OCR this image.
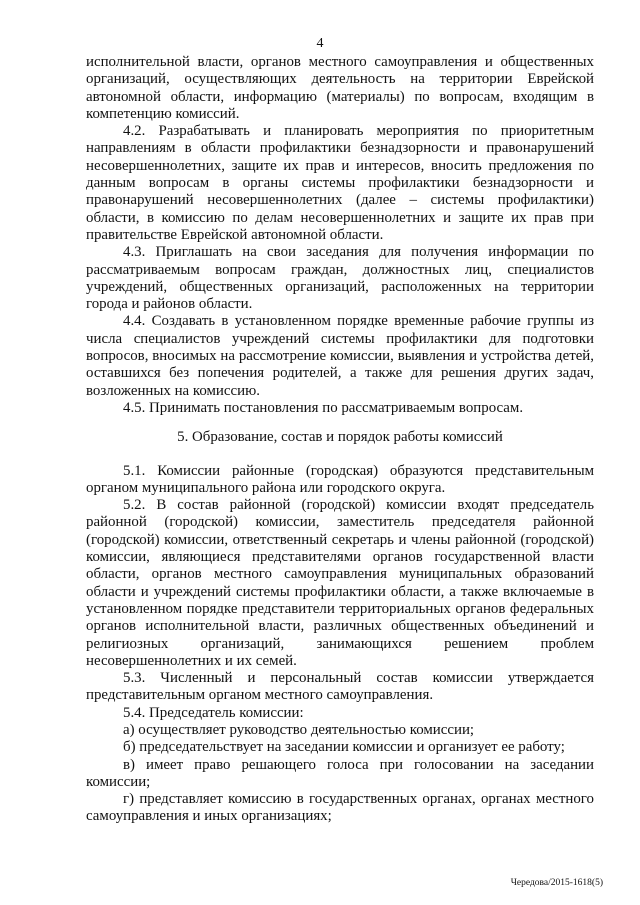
4

исполнительной власти, органов местного самоуправления и общественных организаций, осуществляющих деятельность на территории Еврейской автономной области, информацию (материалы) по вопросам, входящим в компетенцию комиссий.

4.2. Разрабатывать и планировать мероприятия по приоритетным направлениям в области профилактики безнадзорности и правонарушений несовершеннолетних, защите их прав и интересов, вносить предложения по данным вопросам в органы системы профилактики безнадзорности и правонарушений несовершеннолетних (далее – системы профилактики) области, в комиссию по делам несовершеннолетних и защите их прав при правительстве Еврейской автономной области.

4.3. Приглашать на свои заседания для получения информации по рассматриваемым вопросам граждан, должностных лиц, специалистов учреждений, общественных организаций, расположенных на территории города и районов области.

4.4. Создавать в установленном порядке временные рабочие группы из числа специалистов учреждений системы профилактики для подготовки вопросов, вносимых на рассмотрение комиссии, выявления и устройства детей, оставшихся без попечения родителей, а также для решения других задач, возложенных на комиссию.

4.5. Принимать постановления по рассматриваемым вопросам.

5. Образование, состав и порядок работы комиссий

5.1. Комиссии районные (городская) образуются представительным органом муниципального района или городского округа.

5.2. В состав районной (городской) комиссии входят председатель районной (городской) комиссии, заместитель председателя районной (городской) комиссии, ответственный секретарь и члены районной (городской) комиссии, являющиеся представителями органов государственной власти области, органов местного самоуправления муниципальных образований области и учреждений системы профилактики области, а также включаемые в установленном порядке представители территориальных органов федеральных органов исполнительной власти, различных общественных объединений и религиозных организаций, занимающихся решением проблем несовершеннолетних и их семей.

5.3. Численный и персональный состав комиссии утверждается представительным органом местного самоуправления.

5.4. Председатель комиссии:

а) осуществляет руководство деятельностью комиссии;

б) председательствует на заседании комиссии и организует ее работу;

в) имеет право решающего голоса при голосовании на заседании комиссии;

г) представляет комиссию в государственных органах, органах местного самоуправления и иных организациях;

Чередова/2015-1618(5)
